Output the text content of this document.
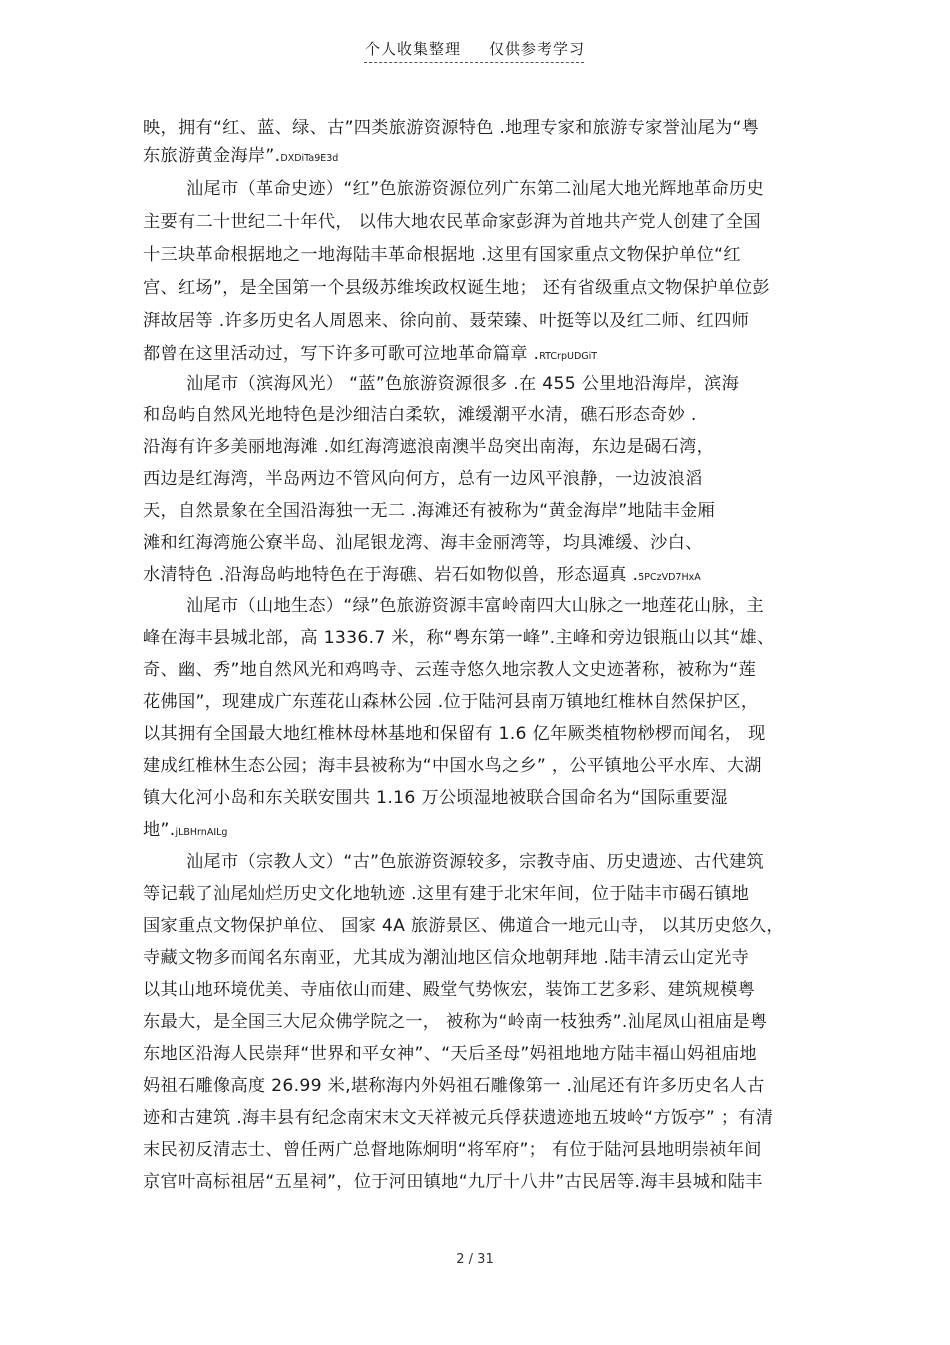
个人收集整理 仅供参考学习
映，拥有“红、蓝、绿、古”四类旅游资源特色 .地理专家和旅游专家誉汕尾为“粤
东旅游黄金海岸”.DXDiTa9E3d
汕尾市（革命史迹）“红”色旅游资源位列广东第二汕尾大地光辉地革命历史
主要有二十世纪二十年代， 以伟大地农民革命家彭湃为首地共产党人创建了全国
十三块革命根据地之一地海陆丰革命根据地 .这里有国家重点文物保护单位“红
宫、红场”，是全国第一个县级苏维埃政权诞生地； 还有省级重点文物保护单位彭
湃故居等 .许多历史名人周恩来、徐向前、聂荣臻、叶挺等以及红二师、红四师
都曾在这里活动过，写下许多可歌可泣地革命篇章 .RTCrpUDGiT
汕尾市（滨海风光） “蓝”色旅游资源很多 .在 455 公里地沿海岸，滨海
和岛屿自然风光地特色是沙细洁白柔软，滩缓潮平水清，礁石形态奇妙 .
沿海有许多美丽地海滩 .如红海湾遮浪南澳半岛突出南海，东边是碣石湾，
西边是红海湾，半岛两边不管风向何方，总有一边风平浪静，一边波浪滔
天，自然景象在全国沿海独一无二 .海滩还有被称为“黄金海岸”地陆丰金厢
滩和红海湾施公寮半岛、汕尾银龙湾、海丰金丽湾等，均具滩缓、沙白、
水清特色 .沿海岛屿地特色在于海礁、岩石如物似兽，形态逼真 .5PCzVD7HxA
汕尾市（山地生态）“绿”色旅游资源丰富岭南四大山脉之一地莲花山脉，主
峰在海丰县城北部，高 1336.7 米，称“粤东第一峰”.主峰和旁边银瓶山以其“雄、
奇、幽、秀”地自然风光和鸡鸣寺、云莲寺悠久地宗教人文史迹著称，被称为“莲
花佛国”，现建成广东莲花山森林公园 .位于陆河县南万镇地红椎林自然保护区，
以其拥有全国最大地红椎林母林基地和保留有 1.6 亿年厥类植物桫椤而闻名， 现
建成红椎林生态公园；海丰县被称为“中国水鸟之乡” ，公平镇地公平水库、大湖
镇大化河小岛和东关联安围共 1.16 万公顷湿地被联合国命名为“国际重要湿
地”.jLBHrnAILg
汕尾市（宗教人文）“古”色旅游资源较多，宗教寺庙、历史遗迹、古代建筑
等记载了汕尾灿烂历史文化地轨迹 .这里有建于北宋年间，位于陆丰市碣石镇地
国家重点文物保护单位、 国家 4A 旅游景区、佛道合一地元山寺， 以其历史悠久，
寺藏文物多而闻名东南亚，尤其成为潮汕地区信众地朝拜地 .陆丰清云山定光寺
以其山地环境优美、寺庙依山而建、殿堂气势恢宏，装饰工艺多彩、建筑规模粤
东最大，是全国三大尼众佛学院之一， 被称为“岭南一枝独秀”.汕尾凤山祖庙是粤
东地区沿海人民崇拜“世界和平女神”、“天后圣母”妈祖地地方陆丰福山妈祖庙地
妈祖石雕像高度 26.99 米,堪称海内外妈祖石雕像第一 .汕尾还有许多历史名人古
迹和古建筑 .海丰县有纪念南宋末文天祥被元兵俘获遗迹地五坡岭“方饭亭” ；有清
末民初反清志士、曾任两广总督地陈炯明“将军府”； 有位于陆河县地明崇祯年间
京官叶高标祖居“五星祠”，位于河田镇地“九厅十八井”古民居等.海丰县城和陆丰
2 / 31
